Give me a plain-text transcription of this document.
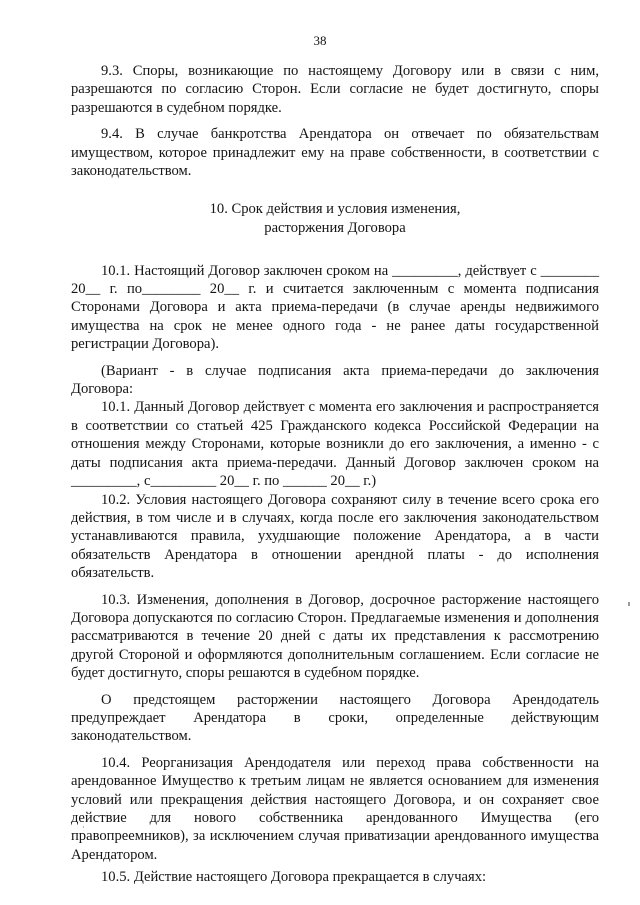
38

9.3. Споры, возникающие по настоящему Договору или в связи с ним, разрешаются по согласию Сторон. Если согласие не будет достигнуто, споры разрешаются в судебном порядке.

9.4. В случае банкротства Арендатора он отвечает по обязательствам имуществом, которое принадлежит ему на праве собственности, в соответствии с законодательством.

10. Срок действия и условия изменения,
расторжения Договора

10.1. Настоящий Договор заключен сроком на _________, действует с ________ 20__ г. по________ 20__ г. и считается заключенным с момента подписания Сторонами Договора и акта приема-передачи (в случае аренды недвижимого имущества на срок не менее одного года - не ранее даты государственной регистрации Договора).

(Вариант - в случае подписания акта приема-передачи до заключения Договора:

10.1. Данный Договор действует с момента его заключения и распространяется в соответствии со статьей 425 Гражданского кодекса Российской Федерации на отношения между Сторонами, которые возникли до его заключения, а именно - с даты подписания акта приема-передачи. Данный Договор заключен сроком на _________, с_________ 20__ г. по ______ 20__ г.)

10.2. Условия настоящего Договора сохраняют силу в течение всего срока его действия, в том числе и в случаях, когда после его заключения законодательством устанавливаются правила, ухудшающие положение Арендатора, а в части обязательств Арендатора в отношении арендной платы - до исполнения обязательств.

10.3. Изменения, дополнения в Договор, досрочное расторжение настоящего Договора допускаются по согласию Сторон. Предлагаемые изменения и дополнения рассматриваются в течение 20 дней с даты их представления к рассмотрению другой Стороной и оформляются дополнительным соглашением. Если согласие не будет достигнуто, споры решаются в судебном порядке.

О предстоящем расторжении настоящего Договора Арендодатель предупреждает Арендатора в сроки, определенные действующим законодательством.

10.4. Реорганизация Арендодателя или переход права собственности на арендованное Имущество к третьим лицам не является основанием для изменения условий или прекращения действия настоящего Договора, и он сохраняет свое действие для нового собственника арендованного Имущества (его правопреемников), за исключением случая приватизации арендованного имущества Арендатором.

10.5. Действие настоящего Договора прекращается в случаях:
